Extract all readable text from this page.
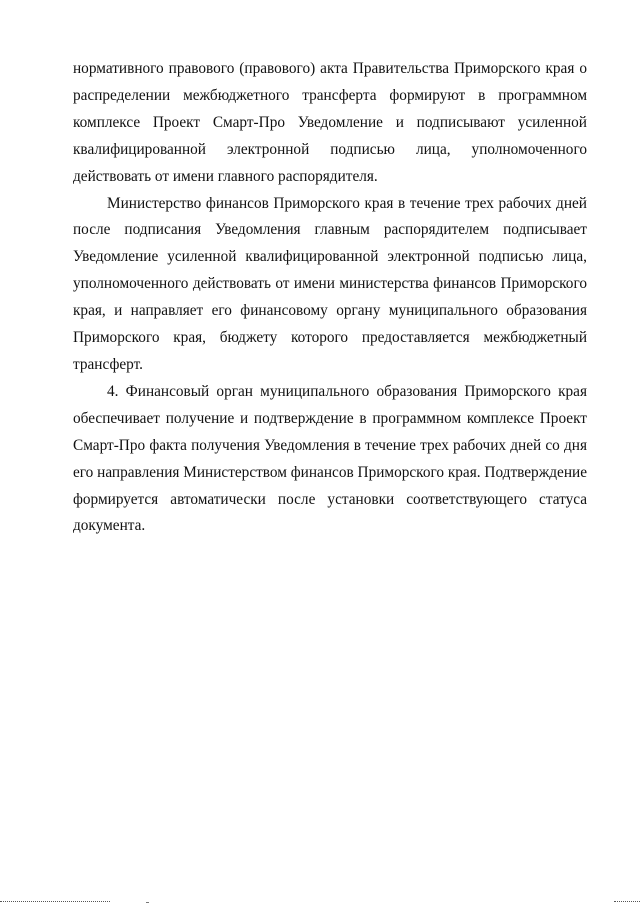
нормативного правового (правового) акта Правительства Приморского края о распределении межбюджетного трансферта формируют в программном комплексе Проект Смарт-Про Уведомление и подписывают усиленной квалифицированной электронной подписью лица, уполномоченного действовать от имени главного распорядителя.

Министерство финансов Приморского края в течение трех рабочих дней после подписания Уведомления главным распорядителем подписывает Уведомление усиленной квалифицированной электронной подписью лица, уполномоченного действовать от имени министерства финансов Приморского края, и направляет его финансовому органу муниципального образования Приморского края, бюджету которого предоставляется межбюджетный трансферт.

4. Финансовый орган муниципального образования Приморского края обеспечивает получение и подтверждение в программном комплексе Проект Смарт-Про факта получения Уведомления в течение трех рабочих дней со дня его направления Министерством финансов Приморского края. Подтверждение формируется автоматически после установки соответствующего статуса документа.
